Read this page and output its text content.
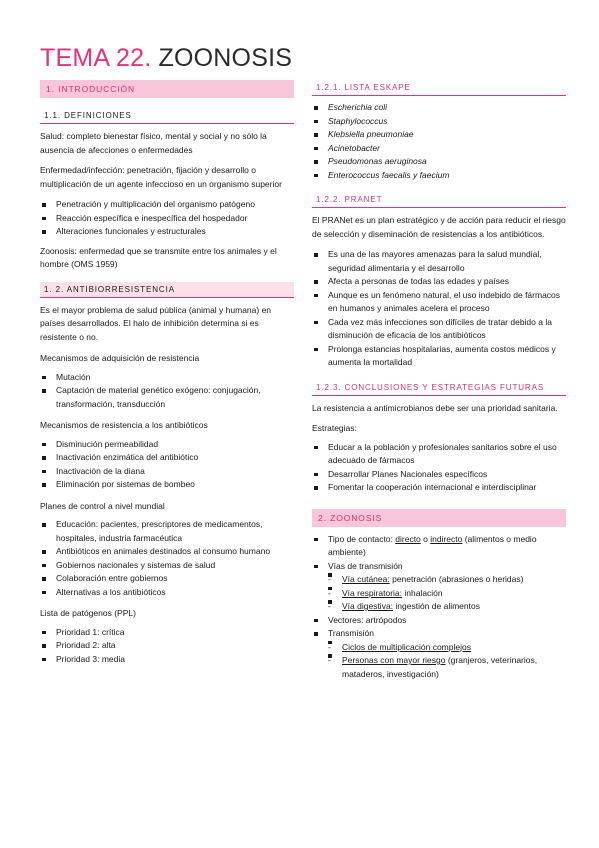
TEMA 22. ZOONOSIS
1. INTRODUCCIÓN
1.1. DEFINICIONES

Salud: completo bienestar físico, mental y social y no sólo la ausencia de afecciones o enfermedades

Enfermedad/infección: penetración, fijación y desarrollo o multiplicación de un agente infeccioso en un organismo superior

Penetración y multiplicación del organismo patógeno
Reacción específica e inespecífica del hospedador
Alteraciones funcionales y estructurales

Zoonosis: enfermedad que se transmite entre los animales y el hombre (OMS 1959)

1. 2. ANTIBIORRESISTENCIA

Es el mayor problema de salud pública (animal y humana) en países desarrollados. El halo de inhibición determina si es resistente o no.

Mecanismos de adquisición de resistencia

Mutación
Captación de material genético exógeno: conjugación, transformación, transducción

Mecanismos de resistencia a los antibióticos

Disminución permeabilidad
Inactivación enzimática del antibiótico
Inactivación de la diana
Eliminación por sistemas de bombeo

Planes de control a nivel mundial

Educación: pacientes, prescriptores de medicamentos, hospitales, industria farmacéutica
Antibióticos en animales destinados al consumo humano
Gobiernos nacionales y sistemas de salud
Colaboración entre gobiernos
Alternativas a los antibióticos

Lista de patógenos (PPL)

Prioridad 1: crítica
Prioridad 2: alta
Prioridad 3: media
1.2.1. LISTA ESKAPE
Escherichia coli
Staphylococcus
Klebsiella pneumoniae
Acinetobacter
Pseudomonas aeruginosa
Enterococcus faecalis y faecium
1.2.2. PRANET

El PRANet es un plan estratégico y de acción para reducir el riesgo de selección y diseminación de resistencias a los antibióticos.

Es una de las mayores amenazas para la salud mundial, seguridad alimentaria y el desarrollo
Afecta a personas de todas las edades y países
Aunque es un fenómeno natural, el uso indebido de fármacos en humanos y animales acelera el proceso
Cada vez más infecciones son difíciles de tratar debido a la disminución de eficacia de los antibióticos
Prolonga estancias hospitalarias, aumenta costos médicos y aumenta la mortalidad
1.2.3. CONCLUSIONES Y ESTRATEGIAS FUTURAS

La resistencia a antimicrobianos debe ser una prioridad sanitaria.

Estrategias:

Educar a la población y profesionales sanitarios sobre el uso adecuado de fármacos
Desarrollar Planes Nacionales específicos
Fomentar la cooperación internacional e interdisciplinar
2. ZOONOSIS
Tipo de contacto: directo o indirecto (alimentos o medio ambiente)
Vías de transmisión
- Vía cutánea: penetración (abrasiones o heridas)
- Vía respiratoria: inhalación
- Vía digestiva: ingestión de alimentos
Vectores: artrópodos
Transmisión
- Ciclos de multiplicación complejos
- Personas con mayor riesgo (granjeros, veterinarios, mataderos, investigación)
